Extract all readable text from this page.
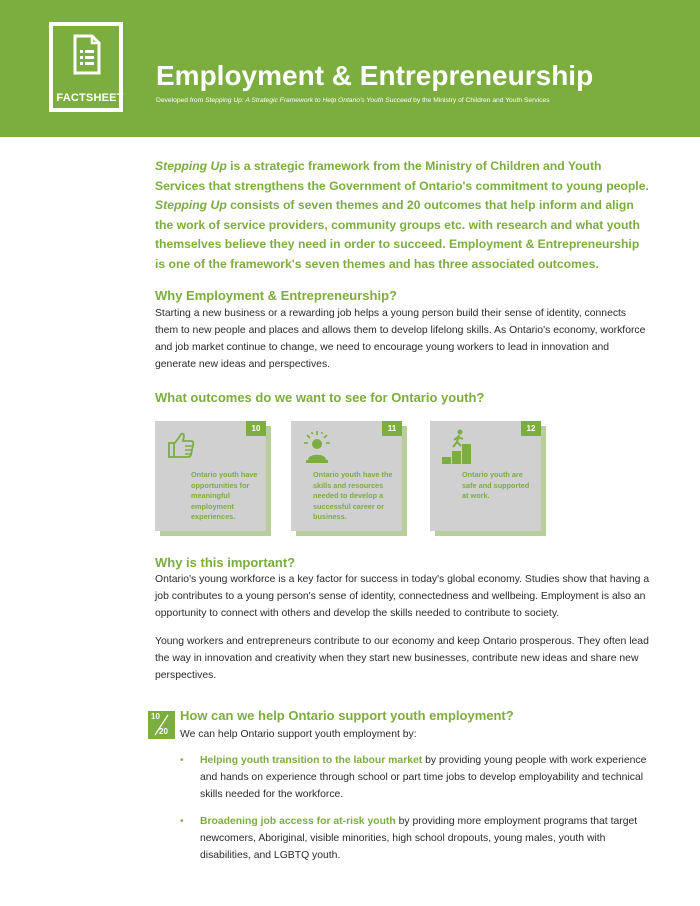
FACTSHEET
Employment & Entrepreneurship
Developed from Stepping Up: A Strategic Framework to Help Ontario's Youth Succeed by the Ministry of Children and Youth Services
Stepping Up is a strategic framework from the Ministry of Children and Youth Services that strengthens the Government of Ontario's commitment to young people. Stepping Up consists of seven themes and 20 outcomes that help inform and align the work of service providers, community groups etc. with research and what youth themselves believe they need in order to succeed. Employment & Entrepreneurship is one of the framework's seven themes and has three associated outcomes.
Why Employment & Entrepreneurship?
Starting a new business or a rewarding job helps a young person build their sense of identity, connects them to new people and places and allows them to develop lifelong skills. As Ontario's economy, workforce and job market continue to change, we need to encourage young workers to lead in innovation and generate new ideas and perspectives.
What outcomes do we want to see for Ontario youth?
10
Ontario youth have opportunities for meaningful employment experiences.
11
Ontario youth have the skills and resources needed to develop a successful career or business.
12
Ontario youth are safe and supported at work.
Why is this important?
Ontario's young workforce is a key factor for success in today's global economy. Studies show that having a job contributes to a young person's sense of identity, connectedness and wellbeing. Employment is also an opportunity to connect with others and develop the skills needed to contribute to society.
Young workers and entrepreneurs contribute to our economy and keep Ontario prosperous. They often lead the way in innovation and creativity when they start new businesses, contribute new ideas and share new perspectives.
10
20
How can we help Ontario support youth employment?
We can help Ontario support youth employment by:
• Helping youth transition to the labour market by providing young people with work experience and hands on experience through school or part time jobs to develop employability and technical skills needed for the workforce.
• Broadening job access for at-risk youth by providing more employment programs that target newcomers, Aboriginal, visible minorities, high school dropouts, young males, youth with disabilities, and LGBTQ youth.
